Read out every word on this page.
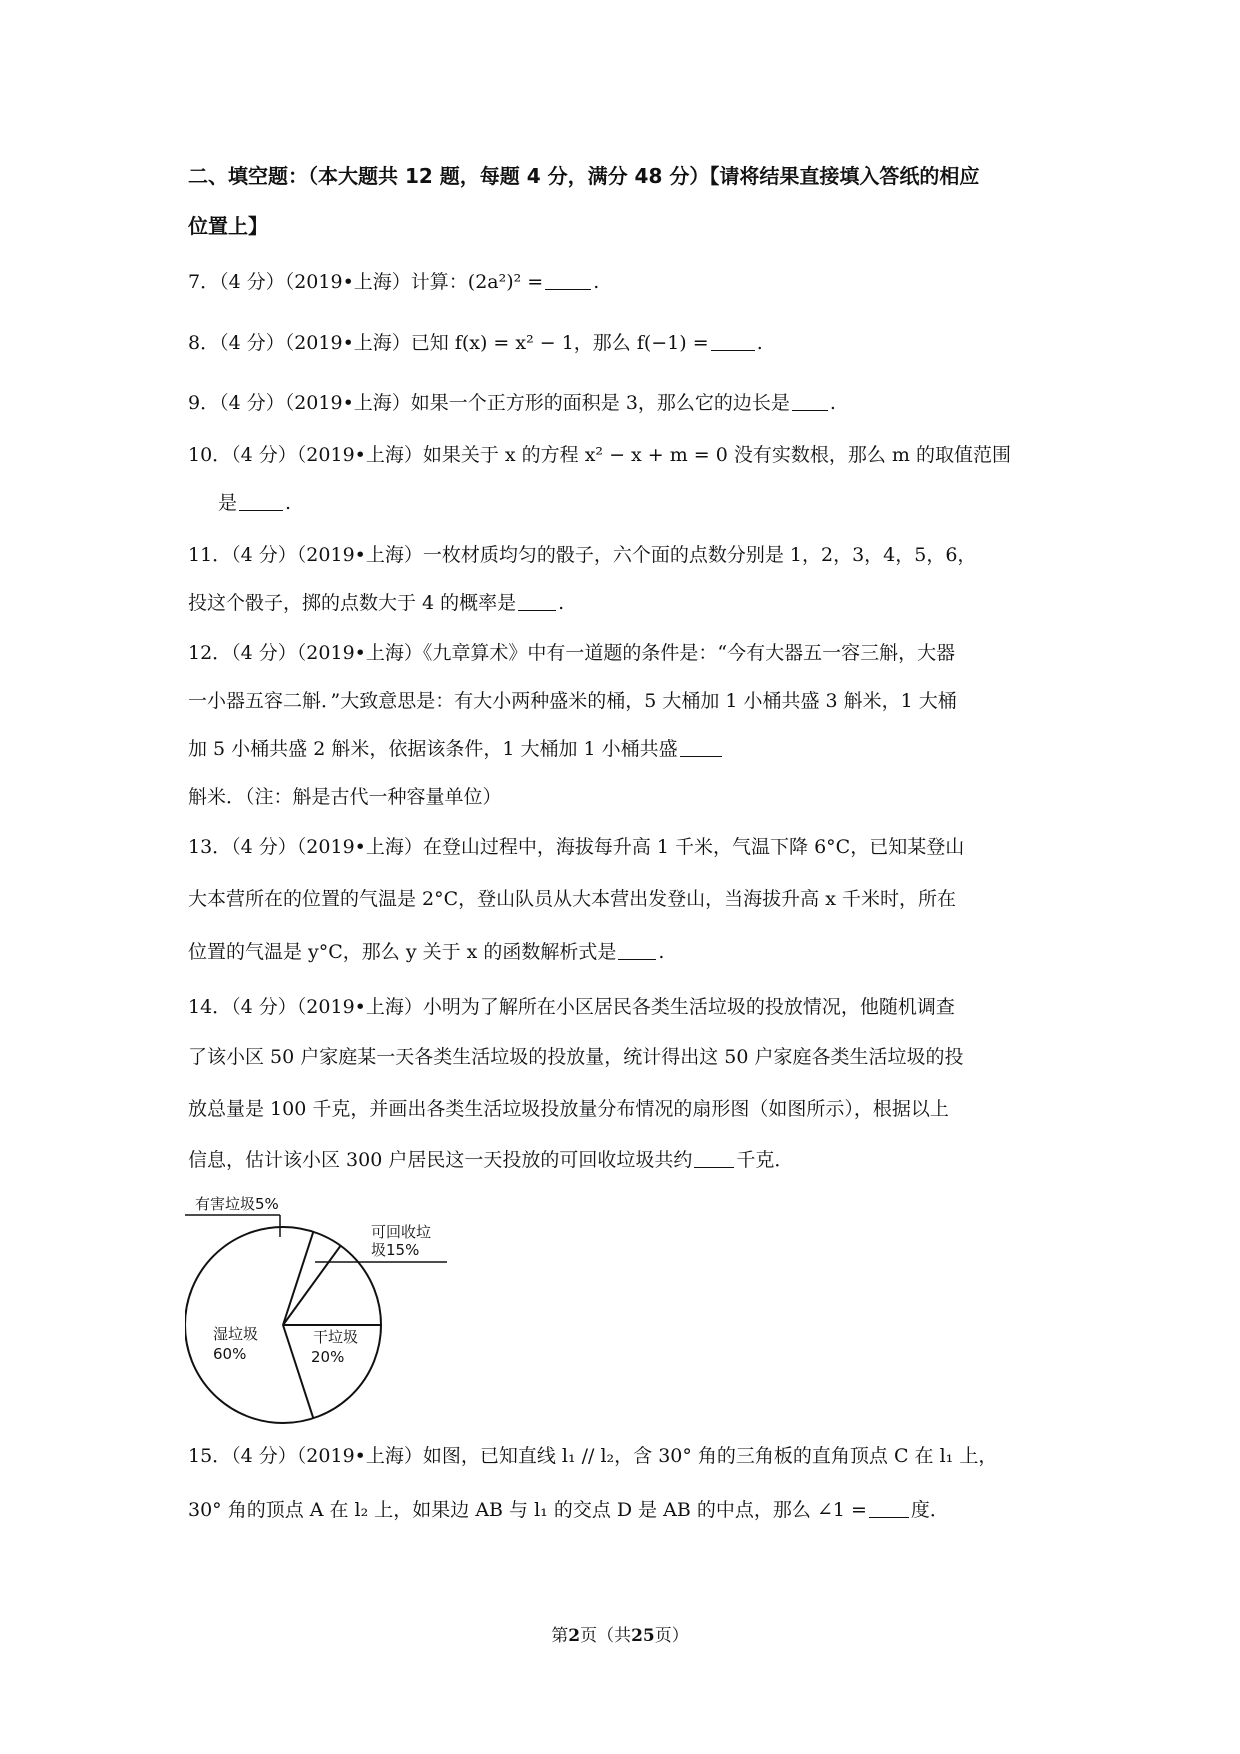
二、填空题：（本大题共 12 题，每题 4 分，满分 48 分）【请将结果直接填入答纸的相应
位置上】
7．（4 分）（2019•上海）计算：(2a²)² =	.
8．（4 分）（2019•上海）已知 f(x) = x² − 1，那么 f(−1) =	.
9．（4 分）（2019•上海）如果一个正方形的面积是 3，那么它的边长是 .
10．（4 分）（2019•上海）如果关于 x 的方程 x² − x + m = 0 没有实数根，那么 m 的取值范围
是	.
11．（4 分）（2019•上海）一枚材质均匀的骰子，六个面的点数分别是 1，2，3，4，5，6，
投这个骰子，掷的点数大于 4 的概率是 .
12．（4 分）（2019•上海）《九章算术》中有一道题的条件是：“今有大器五一容三斛，大器
一小器五容二斛．”大致意思是：有大小两种盛米的桶，5 大桶加 1 小桶共盛 3 斛米，1 大桶
加 5 小桶共盛 2 斛米，依据该条件，1 大桶加 1 小桶共盛
斛米．（注：斛是古代一种容量单位）
13．（4 分）（2019•上海）在登山过程中，海拔每升高 1 千米，气温下降 6°C，已知某登山
大本营所在的位置的气温是 2°C，登山队员从大本营出发登山，当海拔升高 x 千米时，所在
位置的气温是 y°C，那么 y 关于 x 的函数解析式是 .
14．（4 分）（2019•上海）小明为了解所在小区居民各类生活垃圾的投放情况，他随机调查
了该小区 50 户家庭某一天各类生活垃圾的投放量，统计得出这 50 户家庭各类生活垃圾的投
放总量是 100 千克，并画出各类生活垃圾投放量分布情况的扇形图（如图所示），根据以上
信息，估计该小区 300 户居民这一天投放的可回收垃圾共约 千克．
有害垃圾5%
可回收垃
圾15%
干垃圾
20%
湿垃圾
60%
15．（4 分）（2019•上海）如图，已知直线 l₁ // l₂，含 30° 角的三角板的直角顶点 C 在 l₁ 上，
30° 角的顶点 A 在 l₂ 上，如果边 AB 与 l₁ 的交点 D 是 AB 的中点，那么 ∠1 = 度．
第2页（共25页）
